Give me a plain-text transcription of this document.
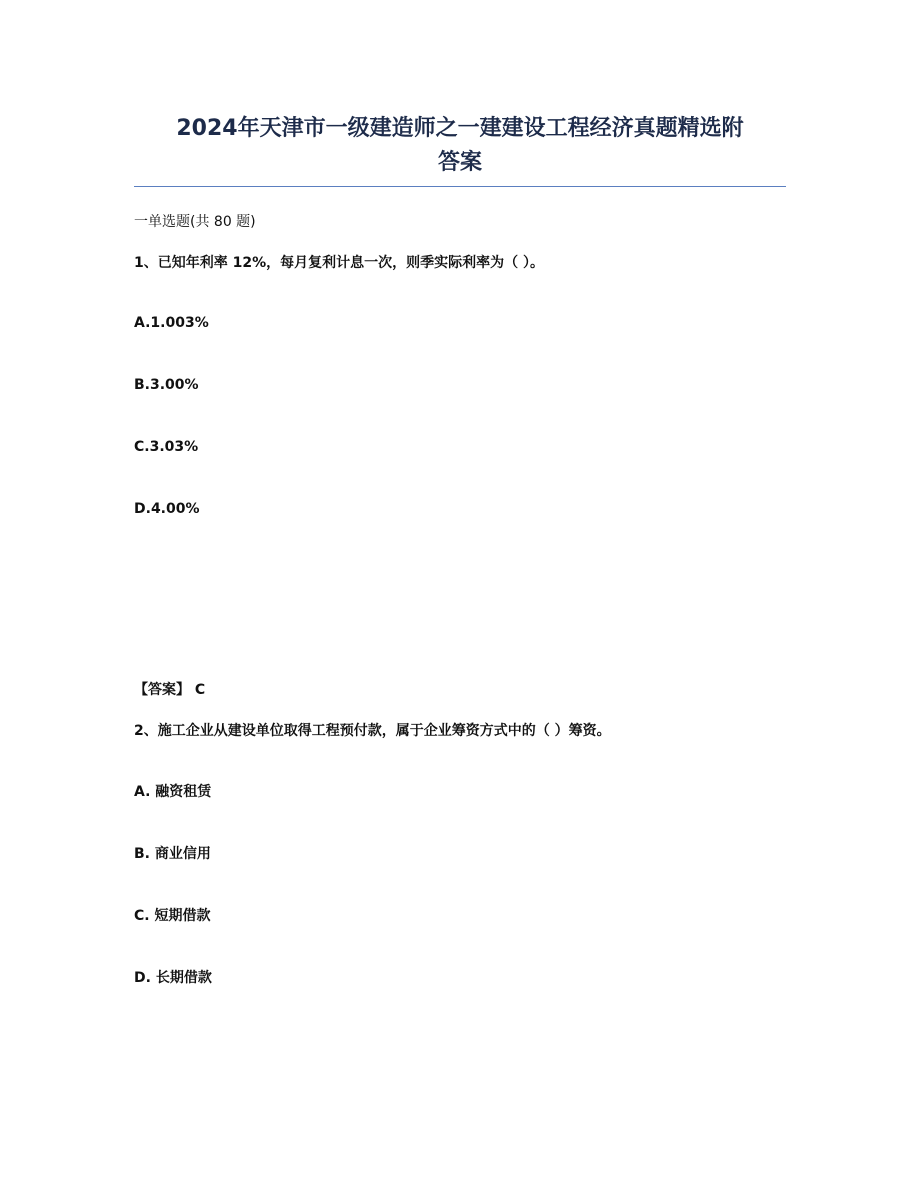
2024年天津市一级建造师之一建建设工程经济真题精选附
答案

一单选题(共 80 题)

1、已知年利率 12%，每月复利计息一次，则季实际利率为（ ）。

A.1.003%

B.3.00%

C.3.03%

D.4.00%

【答案】 C

2、施工企业从建设单位取得工程预付款，属于企业筹资方式中的（ ）筹资。

A. 融资租赁

B. 商业信用

C. 短期借款

D. 长期借款
